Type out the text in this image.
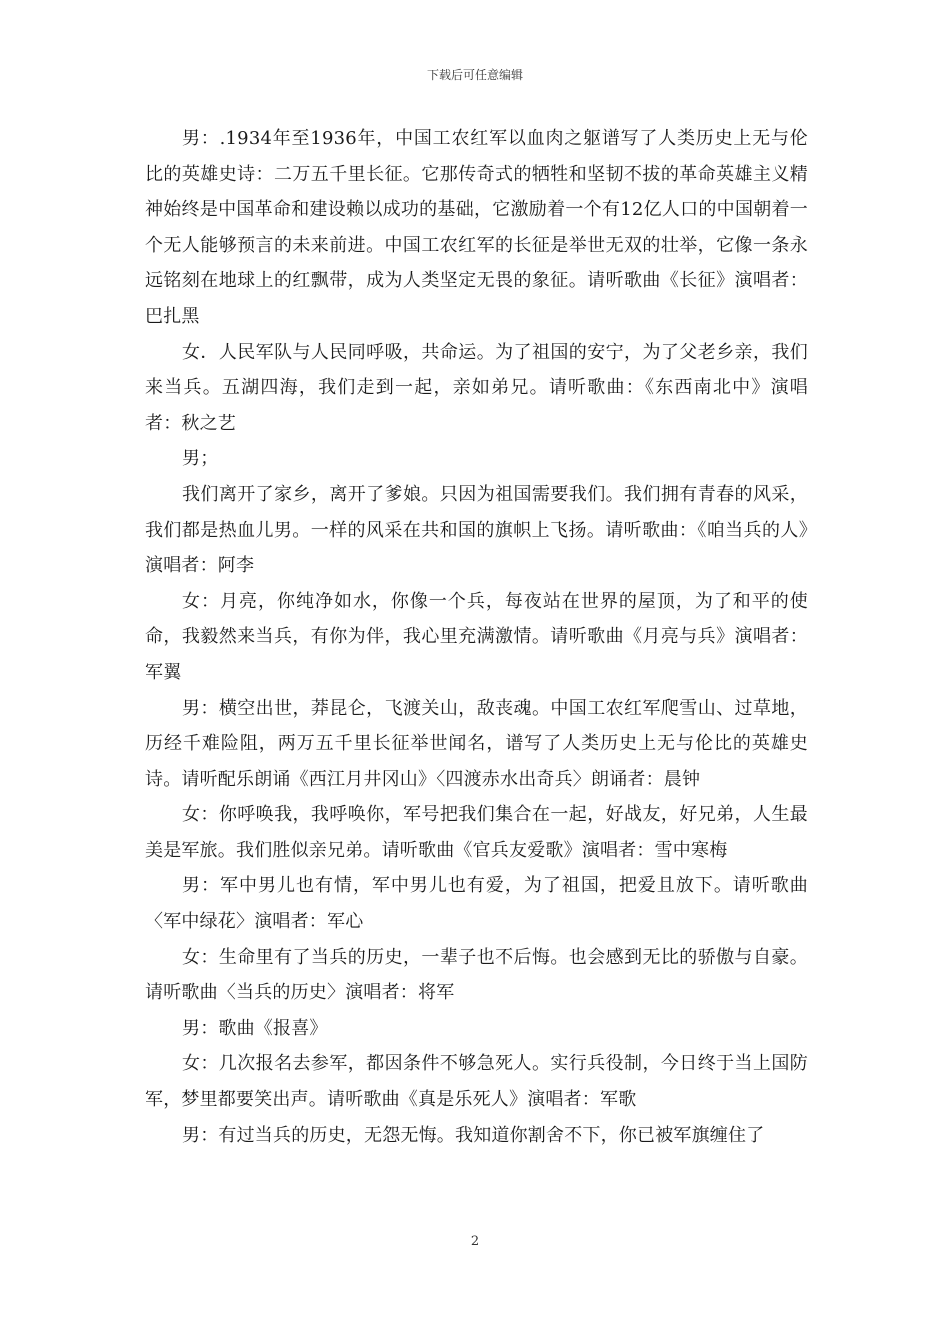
下载后可任意编辑

男：.1934年至1936年，中国工农红军以血肉之躯谱写了人类历史上无与伦比的英雄史诗：二万五千里长征。它那传奇式的牺牲和坚韧不拔的革命英雄主义精神始终是中国革命和建设赖以成功的基础，它激励着一个有12亿人口的中国朝着一个无人能够预言的未来前进。中国工农红军的长征是举世无双的壮举，它像一条永远铭刻在地球上的红飘带，成为人类坚定无畏的象征。请听歌曲《长征》演唱者：巴扎黑

女．人民军队与人民同呼吸，共命运。为了祖国的安宁，为了父老乡亲，我们来当兵。五湖四海，我们走到一起，亲如弟兄。请听歌曲：《东西南北中》演唱者：秋之艺

男；

我们离开了家乡，离开了爹娘。只因为祖国需要我们。我们拥有青春的风采，我们都是热血儿男。一样的风采在共和国的旗帜上飞扬。请听歌曲：《咱当兵的人》演唱者：阿李

女：月亮，你纯净如水，你像一个兵，每夜站在世界的屋顶，为了和平的使命，我毅然来当兵，有你为伴，我心里充满激情。请听歌曲《月亮与兵》演唱者：军翼

男：横空出世，莽昆仑，飞渡关山，敌丧魂。中国工农红军爬雪山、过草地，历经千难险阻，两万五千里长征举世闻名，谱写了人类历史上无与伦比的英雄史诗。请听配乐朗诵《西江月井冈山》〈四渡赤水出奇兵〉朗诵者：晨钟

女：你呼唤我，我呼唤你，军号把我们集合在一起，好战友，好兄弟，人生最美是军旅。我们胜似亲兄弟。请听歌曲《官兵友爱歌》演唱者：雪中寒梅

男：军中男儿也有情，军中男儿也有爱，为了祖国，把爱且放下。请听歌曲〈军中绿花〉演唱者：军心

女：生命里有了当兵的历史，一辈子也不后悔。也会感到无比的骄傲与自豪。请听歌曲〈当兵的历史〉演唱者：将军

男：歌曲《报喜》

女：几次报名去参军，都因条件不够急死人。实行兵役制，今日终于当上国防军，梦里都要笑出声。请听歌曲《真是乐死人》演唱者：军歌

男：有过当兵的历史，无怨无悔。我知道你割舍不下，你已被军旗缠住了

2
